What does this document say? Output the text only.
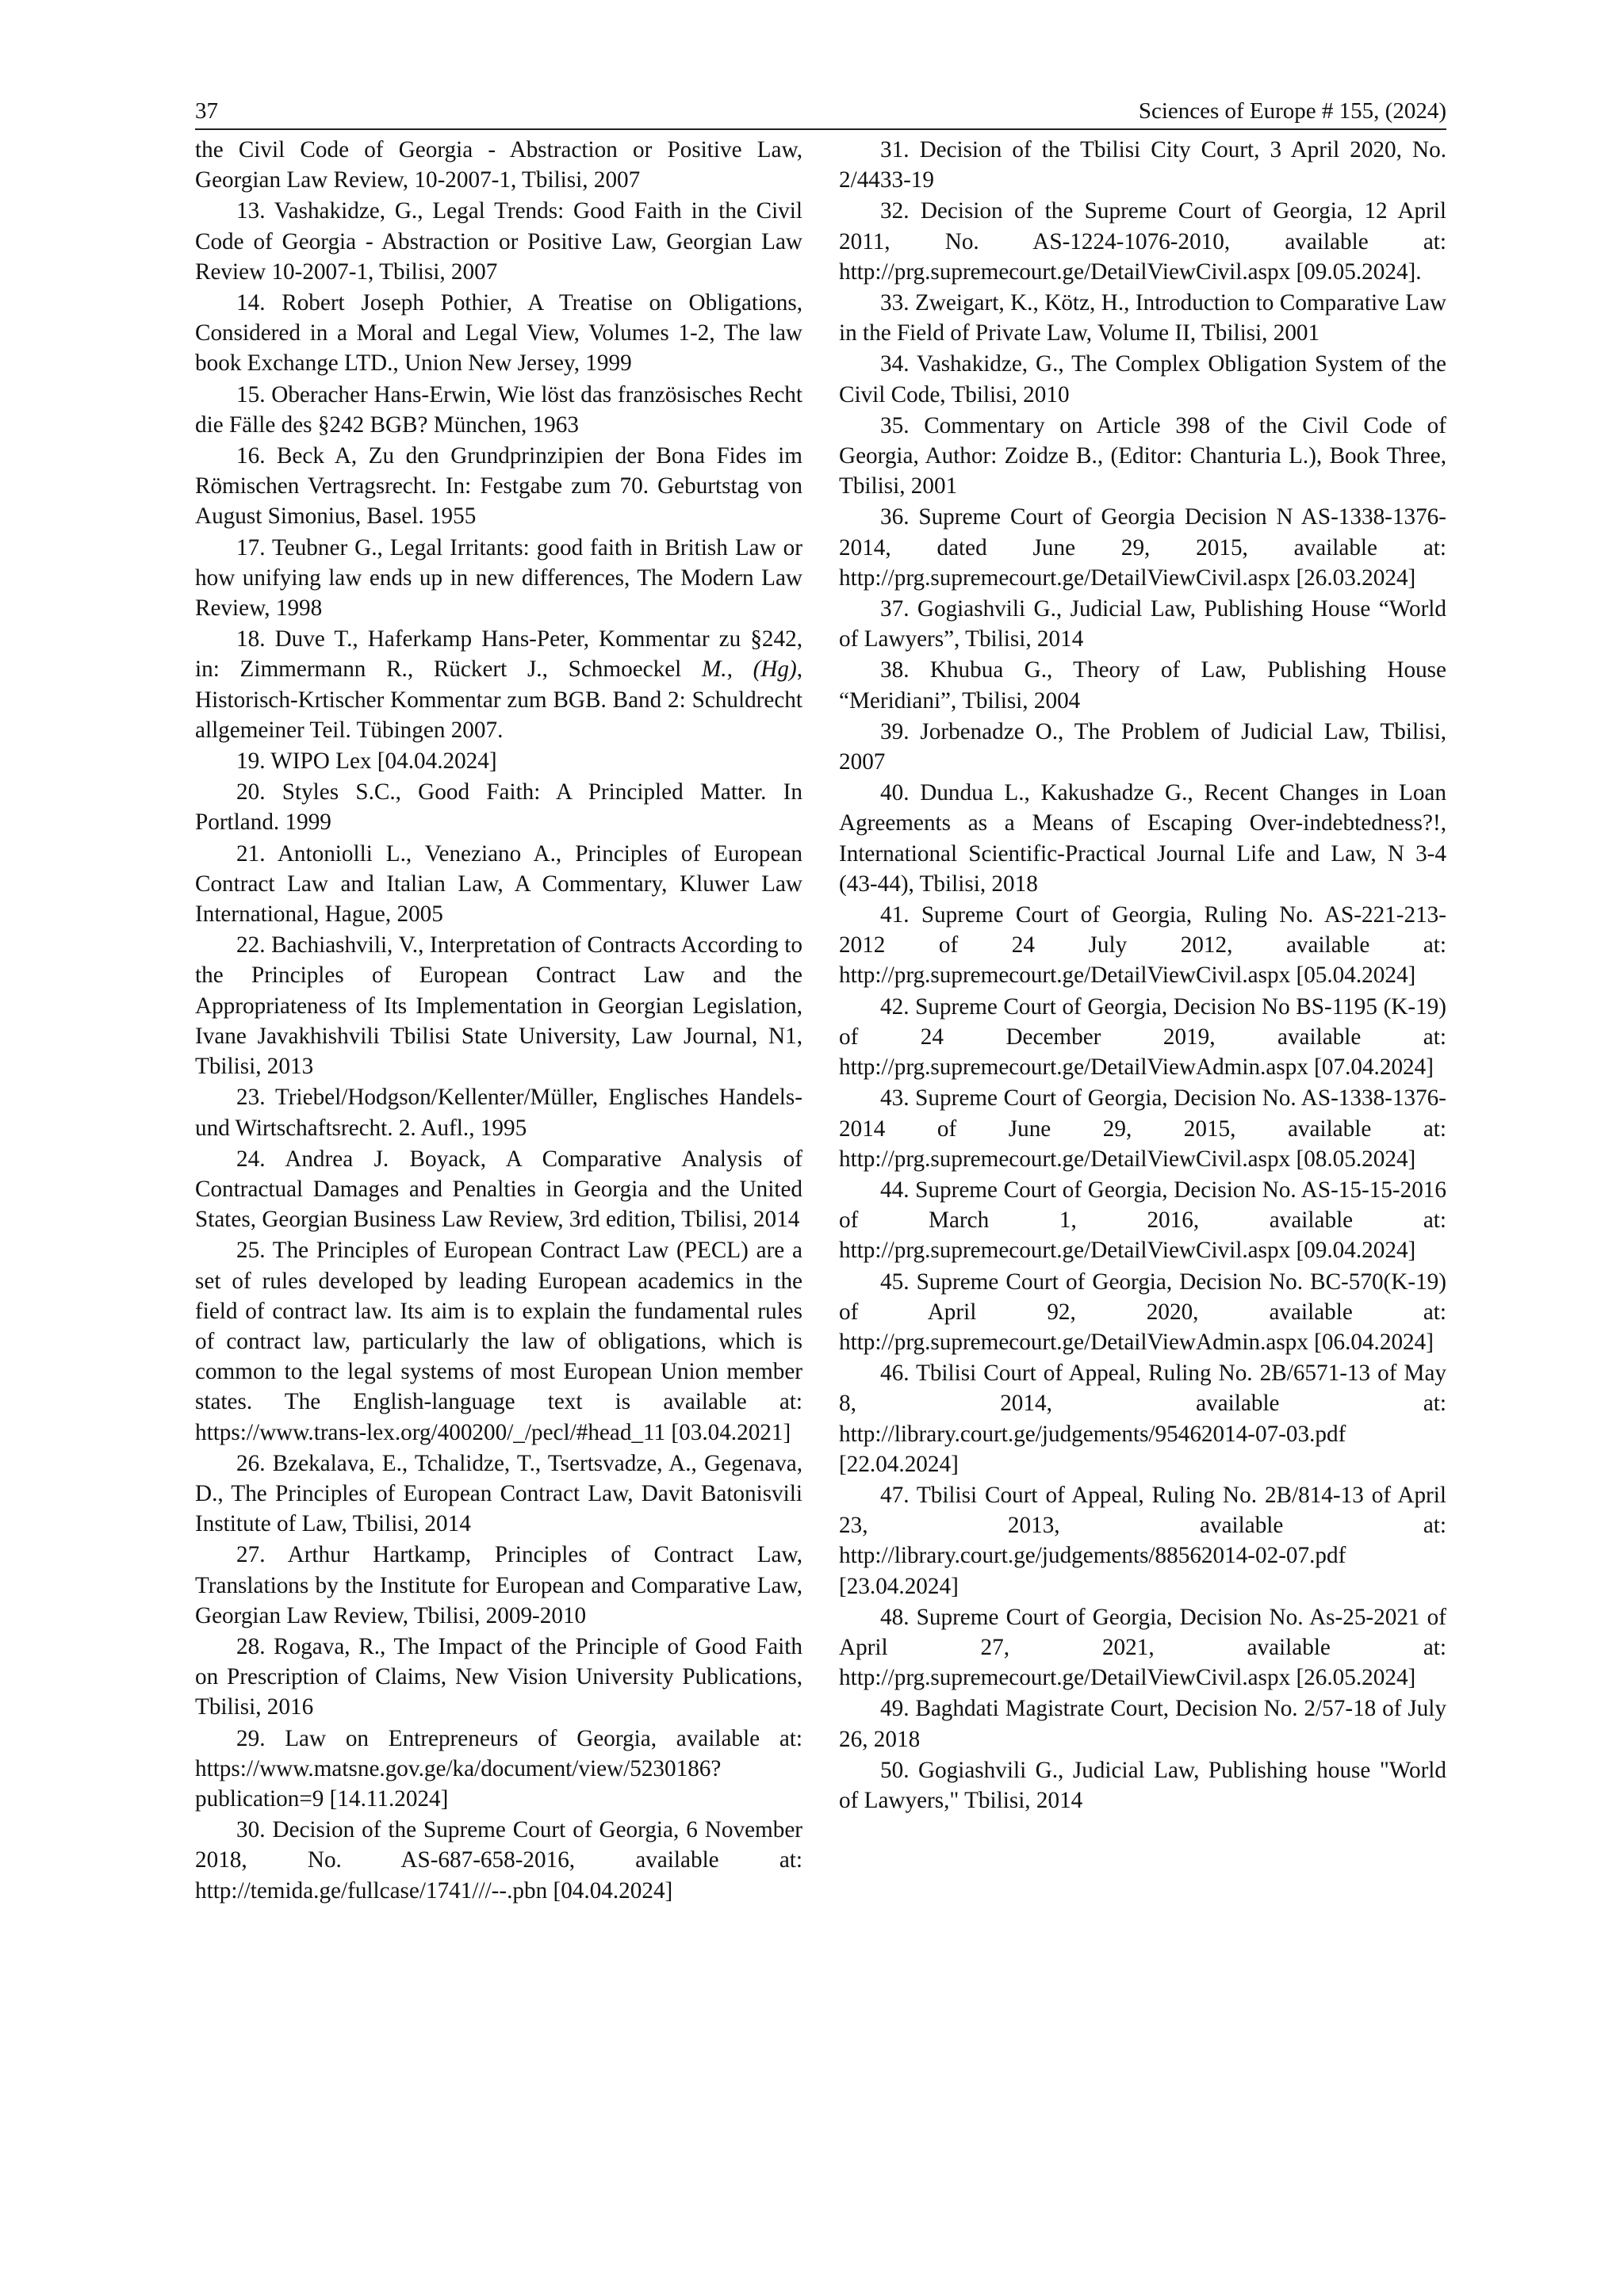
37	Sciences of Europe # 155, (2024)

the Civil Code of Georgia - Abstraction or Positive Law, Georgian Law Review, 10-2007-1, Tbilisi, 2007

13. Vashakidze, G., Legal Trends: Good Faith in the Civil Code of Georgia - Abstraction or Positive Law, Georgian Law Review 10-2007-1, Tbilisi, 2007

14. Robert Joseph Pothier, A Treatise on Obligations, Considered in a Moral and Legal View, Volumes 1-2, The law book Exchange LTD., Union New Jersey, 1999

15. Oberacher Hans-Erwin, Wie löst das französisches Recht die Fälle des §242 BGB? München, 1963

16. Beck A, Zu den Grundprinzipien der Bona Fides im Römischen Vertragsrecht. In: Festgabe zum 70. Geburtstag von August Simonius, Basel. 1955

17. Teubner G., Legal Irritants: good faith in British Law or how unifying law ends up in new differences, The Modern Law Review, 1998

18. Duve T., Haferkamp Hans-Peter, Kommentar zu §242, in: Zimmermann R., Rückert J., Schmoeckel M., (Hg), Historisch-Krtischer Kommentar zum BGB. Band 2: Schuldrecht allgemeiner Teil. Tübingen 2007.

19. WIPO Lex [04.04.2024]

20. Styles S.C., Good Faith: A Principled Matter. In Portland. 1999

21. Antoniolli L., Veneziano A., Principles of European Contract Law and Italian Law, A Commentary, Kluwer Law International, Hague, 2005

22. Bachiashvili, V., Interpretation of Contracts According to the Principles of European Contract Law and the Appropriateness of Its Implementation in Georgian Legislation, Ivane Javakhishvili Tbilisi State University, Law Journal, N1, Tbilisi, 2013

23. Triebel/Hodgson/Kellenter/Müller, Englisches Handels- und Wirtschaftsrecht. 2. Aufl., 1995

24. Andrea J. Boyack, A Comparative Analysis of Contractual Damages and Penalties in Georgia and the United States, Georgian Business Law Review, 3rd edition, Tbilisi, 2014

25. The Principles of European Contract Law (PECL) are a set of rules developed by leading European academics in the field of contract law. Its aim is to explain the fundamental rules of contract law, particularly the law of obligations, which is common to the legal systems of most European Union member states. The English-language text is available at: https://www.trans-lex.org/400200/_/pecl/#head_11 [03.04.2021]

26. Bzekalava, E., Tchalidze, T., Tsertsvadze, A., Gegenava, D., The Principles of European Contract Law, Davit Batonisvili Institute of Law, Tbilisi, 2014

27. Arthur Hartkamp, Principles of Contract Law, Translations by the Institute for European and Comparative Law, Georgian Law Review, Tbilisi, 2009-2010

28. Rogava, R., The Impact of the Principle of Good Faith on Prescription of Claims, New Vision University Publications, Tbilisi, 2016

29. Law on Entrepreneurs of Georgia, available at: https://www.matsne.gov.ge/ka/document/view/5230186?publication=9 [14.11.2024]

30. Decision of the Supreme Court of Georgia, 6 November 2018, No. AS-687-658-2016, available at: http://temida.ge/fullcase/1741///--.pbn [04.04.2024]

31. Decision of the Tbilisi City Court, 3 April 2020, No. 2/4433-19

32. Decision of the Supreme Court of Georgia, 12 April 2011, No. AS-1224-1076-2010, available at: http://prg.supremecourt.ge/DetailViewCivil.aspx [09.05.2024].

33. Zweigart, K., Kötz, H., Introduction to Comparative Law in the Field of Private Law, Volume II, Tbilisi, 2001

34. Vashakidze, G., The Complex Obligation System of the Civil Code, Tbilisi, 2010

35. Commentary on Article 398 of the Civil Code of Georgia, Author: Zoidze B., (Editor: Chanturia L.), Book Three, Tbilisi, 2001

36. Supreme Court of Georgia Decision N AS-1338-1376-2014, dated June 29, 2015, available at: http://prg.supremecourt.ge/DetailViewCivil.aspx [26.03.2024]

37. Gogiashvili G., Judicial Law, Publishing House “World of Lawyers”, Tbilisi, 2014

38. Khubua G., Theory of Law, Publishing House “Meridiani”, Tbilisi, 2004

39. Jorbenadze O., The Problem of Judicial Law, Tbilisi, 2007

40. Dundua L., Kakushadze G., Recent Changes in Loan Agreements as a Means of Escaping Over-indebtedness?!, International Scientific-Practical Journal Life and Law, N 3-4 (43-44), Tbilisi, 2018

41. Supreme Court of Georgia, Ruling No. AS-221-213-2012 of 24 July 2012, available at: http://prg.supremecourt.ge/DetailViewCivil.aspx [05.04.2024]

42. Supreme Court of Georgia, Decision No BS-1195 (K-19) of 24 December 2019, available at: http://prg.supremecourt.ge/DetailViewAdmin.aspx [07.04.2024]

43. Supreme Court of Georgia, Decision No. AS-1338-1376-2014 of June 29, 2015, available at: http://prg.supremecourt.ge/DetailViewCivil.aspx [08.05.2024]

44. Supreme Court of Georgia, Decision No. AS-15-15-2016 of March 1, 2016, available at: http://prg.supremecourt.ge/DetailViewCivil.aspx [09.04.2024]

45. Supreme Court of Georgia, Decision No. BC-570(K-19) of April 92, 2020, available at: http://prg.supremecourt.ge/DetailViewAdmin.aspx [06.04.2024]

46. Tbilisi Court of Appeal, Ruling No. 2B/6571-13 of May 8, 2014, available at: http://library.court.ge/judgements/95462014-07-03.pdf [22.04.2024]

47. Tbilisi Court of Appeal, Ruling No. 2B/814-13 of April 23, 2013, available at: http://library.court.ge/judgements/88562014-02-07.pdf [23.04.2024]

48. Supreme Court of Georgia, Decision No. As-25-2021 of April 27, 2021, available at: http://prg.supremecourt.ge/DetailViewCivil.aspx [26.05.2024]

49. Baghdati Magistrate Court, Decision No. 2/57-18 of July 26, 2018

50. Gogiashvili G., Judicial Law, Publishing house "World of Lawyers," Tbilisi, 2014
